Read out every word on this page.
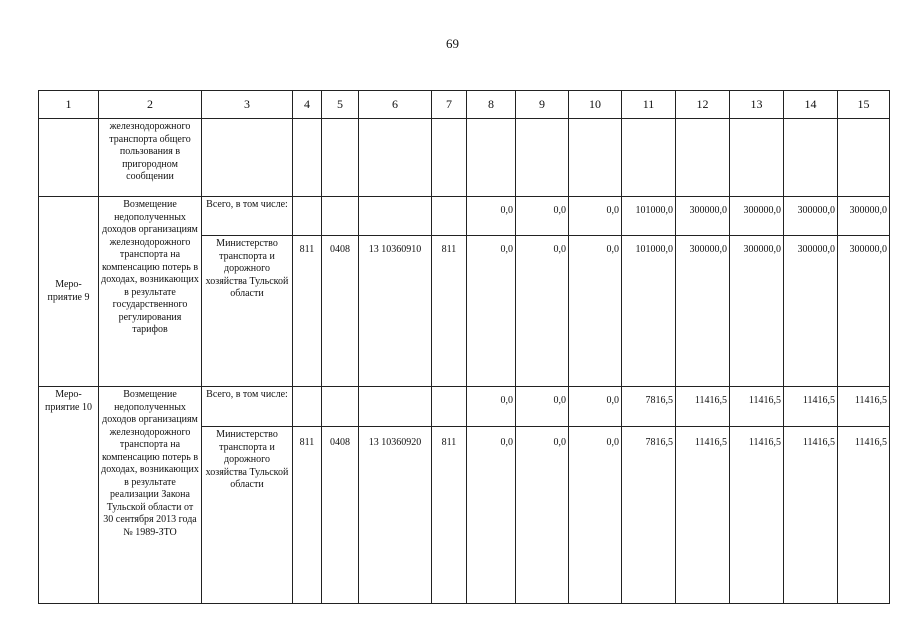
69
1	2	3	4	5	6	7	8	9	10	11	12	13	14	15
	железнодорожного транспорта общего пользования в пригородном сообщении													
Меро-приятие 9	Возмещение недополученных доходов организациям железнодорожного транспорта на компенсацию потерь в доходах, возникающих в результате государственного регулирования тарифов	Всего, в том числе:					0,0	0,0	0,0	101000,0	300000,0	300000,0	300000,0	300000,0
		Министерство транспорта и дорожного хозяйства Тульской области	811	0408	13 10360910	811	0,0	0,0	0,0	101000,0	300000,0	300000,0	300000,0	300000,0
Меро-приятие 10	Возмещение недополученных доходов организациям железнодорожного транспорта на компенсацию потерь в доходах, возникающих в результате реализации Закона Тульской области от 30 сентября 2013 года № 1989-ЗТО	Всего, в том числе:					0,0	0,0	0,0	7816,5	11416,5	11416,5	11416,5	11416,5
		Министерство транспорта и дорожного хозяйства Тульской области	811	0408	13 10360920	811	0,0	0,0	0,0	7816,5	11416,5	11416,5	11416,5	11416,5
